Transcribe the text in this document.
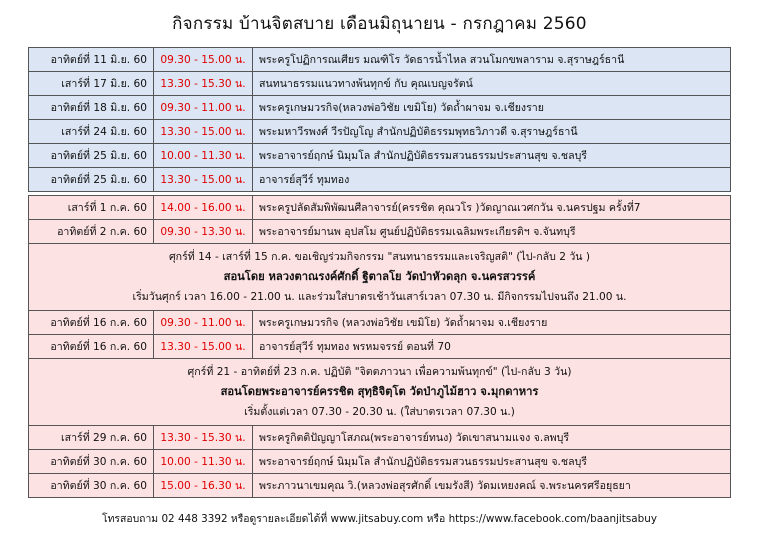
กิจกรรม บ้านจิตสบาย เดือนมิถุนายน - กรกฎาคม 2560
อาทิตย์ที่ 11 มิ.ย. 60	09.30 - 15.00 น.	พระครูโปฏิการณเศียร มณฑิโร วัดธารน้ำไหล สวนโมกขพลาราม จ.สุราษฎร์ธานี
เสาร์ที่ 17 มิ.ย. 60	13.30 - 15.30 น.	สนทนาธรรมแนวทางพ้นทุกข์ กับ คุณเบญจรัตน์
อาทิตย์ที่ 18 มิ.ย. 60	09.30 - 11.00 น.	พระครูเกษมวรกิจ(หลวงพ่อวิชัย เขมิโย) วัดถ้ำผาจม จ.เชียงราย
เสาร์ที่ 24 มิ.ย. 60	13.30 - 15.00 น.	พระมหาวีรพงศ์ วีรปัญโญ สำนักปฏิบัติธรรมพุทธวิภาวดี จ.สุราษฎร์ธานี
อาทิตย์ที่ 25 มิ.ย. 60	10.00 - 11.30 น.	พระอาจารย์ฤกษ์ นิมฺมโล สำนักปฏิบัติธรรมสวนธรรมประสานสุข จ.ชลบุรี
อาทิตย์ที่ 25 มิ.ย. 60	13.30 - 15.00 น.	อาจารย์สุวีร์ ทุมทอง
เสาร์ที่ 1 ก.ค. 60	14.00 - 16.00 น.	พระครูปลัดสัมพิพัฒนศีลาจารย์(ครรชิต คุณวโร )วัดญาณเวศกวัน จ.นครปฐม ครั้งที่7
อาทิตย์ที่ 2 ก.ค. 60	09.30 - 13.30 น.	พระอาจารย์มานพ อุปสโม ศูนย์ปฏิบัติธรรมเฉลิมพระเกียรติฯ จ.จันทบุรี

ศุกร์ที่ 14 - เสาร์ที่ 15 ก.ค. ขอเชิญร่วมกิจกรรม "สนทนาธรรมและเจริญสติ" (ไป-กลับ 2 วัน )
สอนโดย หลวงตาณรงค์ศักดิ์ ฐิตาลโย วัดป่าหัวดลุก จ.นครสวรรค์
เริ่มวันศุกร์ เวลา 16.00 - 21.00 น. และร่วมใส่บาตรเช้าวันเสาร์เวลา 07.30 น. มีกิจกรรมไปจนถึง 21.00 น.		

อาทิตย์ที่ 16 ก.ค. 60	09.30 - 11.00 น.	พระครูเกษมวรกิจ (หลวงพ่อวิชัย เขมิโย) วัดถ้ำผาจม จ.เชียงราย
อาทิตย์ที่ 16 ก.ค. 60	13.30 - 15.00 น.	อาจารย์สุวีร์ ทุมทอง พรหมจรรย์ ตอนที่ 70

ศุกร์ที่ 21 - อาทิตย์ที่ 23 ก.ค. ปฏิบัติ "จิตตภาวนา เพื่อความพ้นทุกข์" (ไป-กลับ 3 วัน)
สอนโดยพระอาจารย์ครรชิต สุทฺธิจิตฺโต วัดป่าภูไม้ฮาว จ.มุกดาหาร
เริ่มตั้งแต่เวลา 07.30 - 20.30 น. (ใส่บาตรเวลา 07.30 น.)		

เสาร์ที่ 29 ก.ค. 60	13.30 - 15.30 น.	พระครูกิตติปัญญาโสภณ(พระอาจารย์ทนง) วัดเขาสนามแจง จ.ลพบุรี
อาทิตย์ที่ 30 ก.ค. 60	10.00 - 11.30 น.	พระอาจารย์ฤกษ์ นิมฺมโล สำนักปฏิบัติธรรมสวนธรรมประสานสุข จ.ชลบุรี
อาทิตย์ที่ 30 ก.ค. 60	15.00 - 16.30 น.	พระภาวนาเขมคุณ วิ.(หลวงพ่อสุรศักดิ์ เขมรังสี) วัดมเหยงคณ์ จ.พระนครศรีอยุธยา
โทรสอบถาม 02 448 3392 หรือดูรายละเอียดได้ที่ www.jitsabuy.com หรือ https://www.facebook.com/baanjitsabuy
